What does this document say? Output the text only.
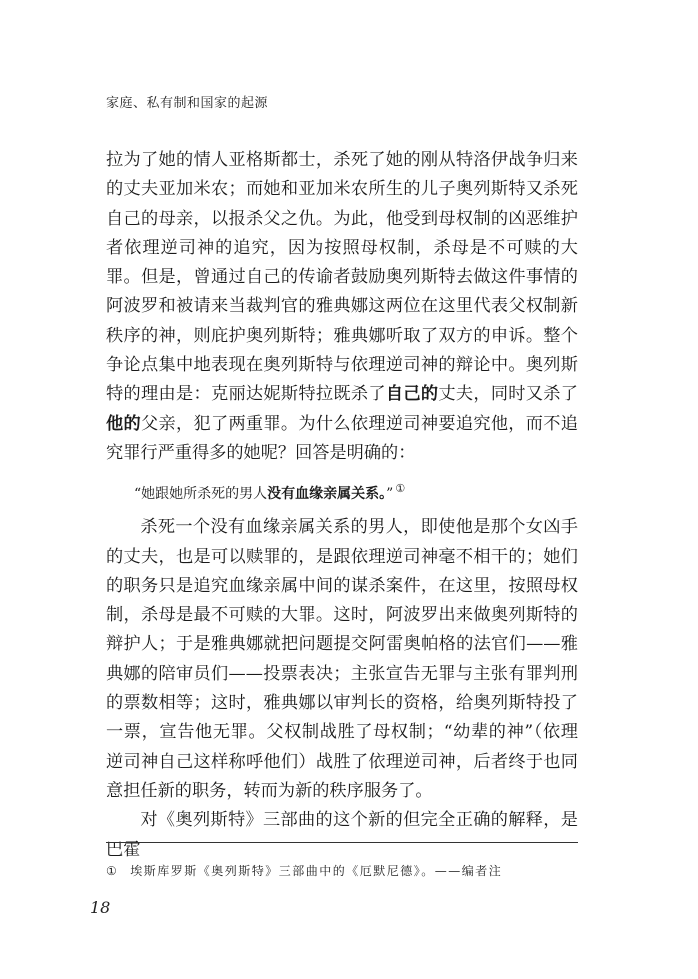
家庭、私有制和国家的起源

拉为了她的情人亚格斯都士，杀死了她的刚从特洛伊战争归来的丈夫亚加米农；而她和亚加米农所生的儿子奥列斯特又杀死自己的母亲，以报杀父之仇。为此，他受到母权制的凶恶维护者依理逆司神的追究，因为按照母权制，杀母是不可赎的大罪。但是，曾通过自己的传谕者鼓励奥列斯特去做这件事情的阿波罗和被请来当裁判官的雅典娜这两位在这里代表父权制新秩序的神，则庇护奥列斯特；雅典娜听取了双方的申诉。整个争论点集中地表现在奥列斯特与依理逆司神的辩论中。奥列斯特的理由是：克丽达妮斯特拉既杀了自己的丈夫，同时又杀了他的父亲，犯了两重罪。为什么依理逆司神要追究他，而不追究罪行严重得多的她呢？回答是明确的：

“她跟她所杀死的男人没有血缘亲属关系。” ①

杀死一个没有血缘亲属关系的男人，即使他是那个女凶手的丈夫，也是可以赎罪的，是跟依理逆司神毫不相干的；她们的职务只是追究血缘亲属中间的谋杀案件，在这里，按照母权制，杀母是最不可赎的大罪。这时，阿波罗出来做奥列斯特的辩护人；于是雅典娜就把问题提交阿雷奥帕格的法官们——雅典娜的陪审员们——投票表决；主张宣告无罪与主张有罪判刑的票数相等；这时，雅典娜以审判长的资格，给奥列斯特投了一票，宣告他无罪。父权制战胜了母权制；“幼辈的神”（依理逆司神自己这样称呼他们）战胜了依理逆司神，后者终于也同意担任新的职务，转而为新的秩序服务了。

对《奥列斯特》三部曲的这个新的但完全正确的解释，是巴霍

① 埃斯库罗斯《奥列斯特》三部曲中的《厄默尼德》。——编者注
18
